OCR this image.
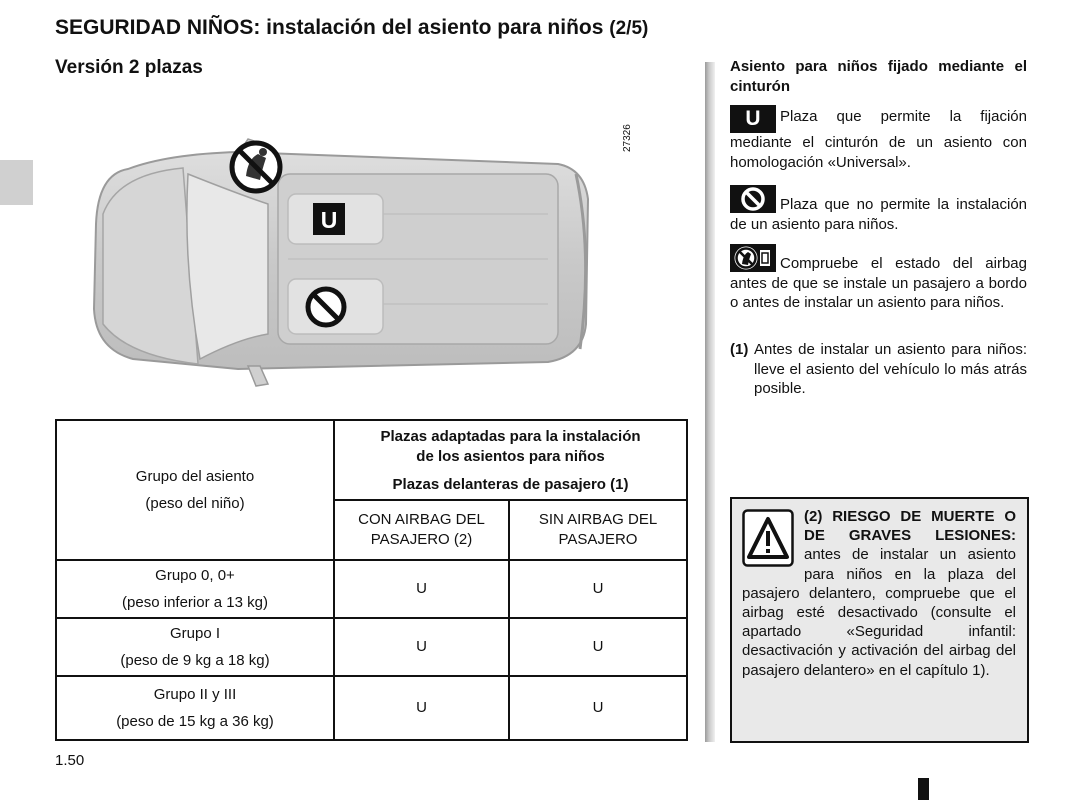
SEGURIDAD NIÑOS: instalación del asiento para niños (2/5)
Versión 2 plazas
27326
U
Grupo del asiento
(peso del niño)	Plazas adaptadas para la instalación
de los asientos para niños	

	Plazas delanteras de pasajero (1)	

	CON AIRBAG DEL
PASAJERO (2)	SIN AIRBAG DEL
PASAJERO

Grupo 0, 0+
(peso inferior a 13 kg)	U	U

Grupo I
(peso de 9 kg a 18 kg)	U	U

Grupo II y III
(peso de 15 kg a 36 kg)	U	U
1.50
Asiento para niños fijado mediante el cinturón
U Plaza que permite la fijación mediante el cinturón de un asiento con homologación «Universal».
Plaza que no permite la instalación de un asiento para niños.
Compruebe el estado del airbag antes de que se instale un pasajero a bordo o antes de instalar un asiento para niños.
(1) Antes de instalar un asiento para niños: lleve el asiento del vehículo lo más atrás posible.
(2) RIESGO DE MUERTE O DE GRAVES LESIONES: antes de instalar un asiento para niños en la plaza del pasajero delantero, compruebe que el airbag esté desactivado (consulte el apartado «Seguridad infantil: desactivación y activación del airbag del pasajero delantero» en el capítulo 1).
